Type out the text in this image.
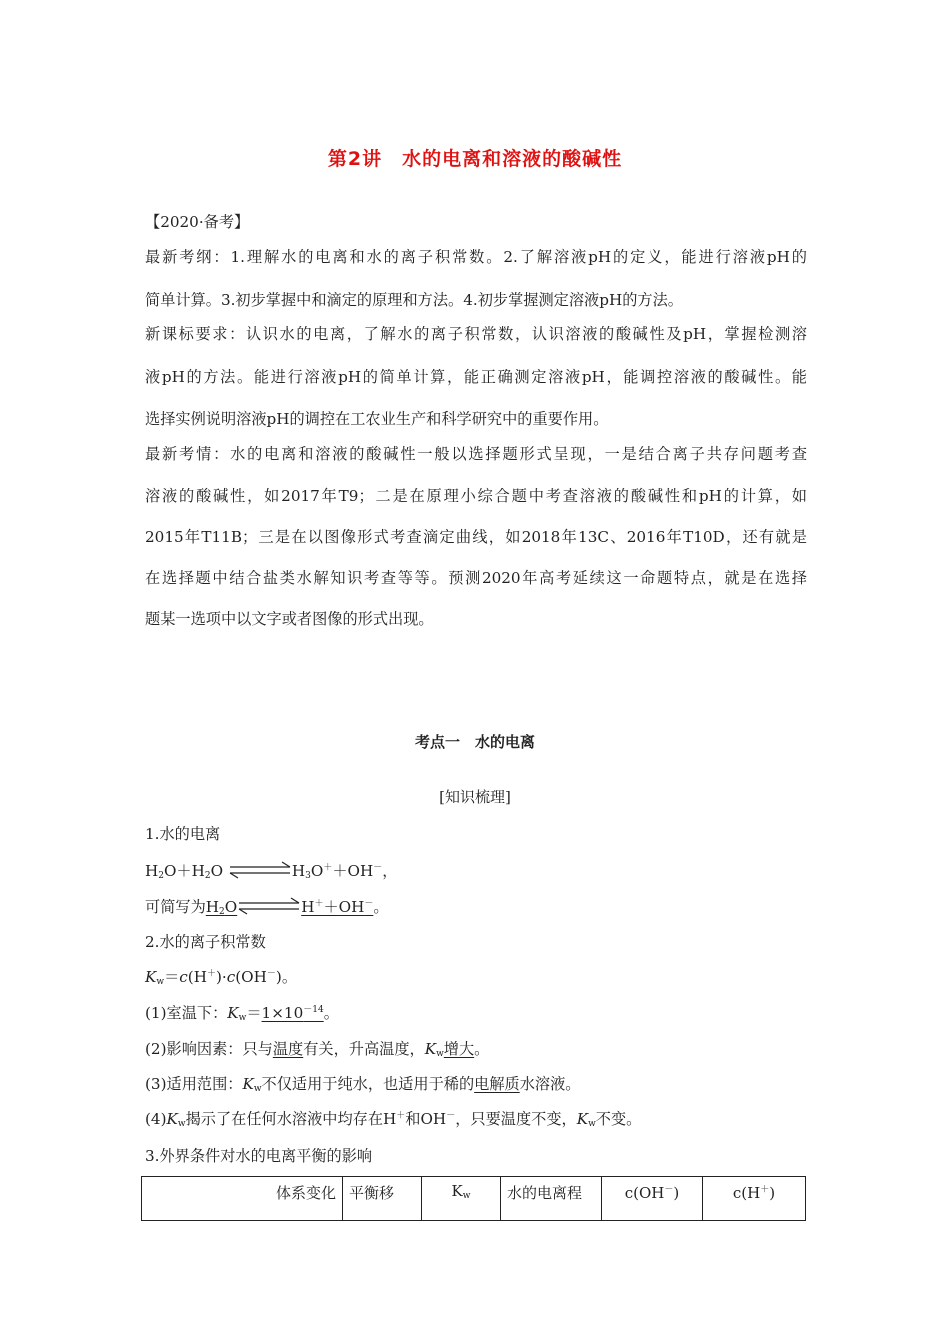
第2讲　水的电离和溶液的酸碱性
【2020·备考】
最新考纲：1.理解水的电离和水的离子积常数。2.了解溶液pH的定义，能进行溶液pH的
简单计算。3.初步掌握中和滴定的原理和方法。4.初步掌握测定溶液pH的方法。
新课标要求：认识水的电离，了解水的离子积常数，认识溶液的酸碱性及pH，掌握检测溶
液pH的方法。能进行溶液pH的简单计算，能正确测定溶液pH，能调控溶液的酸碱性。能
选择实例说明溶液pH的调控在工农业生产和科学研究中的重要作用。
最新考情：水的电离和溶液的酸碱性一般以选择题形式呈现，一是结合离子共存问题考查
溶液的酸碱性，如2017年T9；二是在原理小综合题中考查溶液的酸碱性和pH的计算，如
2015年T11B；三是在以图像形式考查滴定曲线，如2018年13C、2016年T10D，还有就是
在选择题中结合盐类水解知识考查等等。预测2020年高考延续这一命题特点，就是在选择
题某一选项中以文字或者图像的形式出现。
考点一　水的电离
[知识梳理]
1.水的电离
$H_2O+H_2O$	$H_3O^++OH^-$，
可简写为$H_2O$	H＋＋OH－。
2.水的离子积常数
$K_w=c(H^+)\cdot c(OH^-)$。
(1)室温下：$K_w=1\times 10^{-14}$。
(2)影响因素：只与温度有关，升高温度，$K_w$增大。
(3)适用范围：$K_w$不仅适用于纯水，也适用于稀的电解质水溶液。
$(4)K_w$揭示了在任何水溶液中均存在H＋和OH－，只要温度不变，$K_w$不变。
3.外界条件对水的电离平衡的影响
体系变化	平衡移	$K_w$	水的电离程	c(OH－)	c(H＋)
